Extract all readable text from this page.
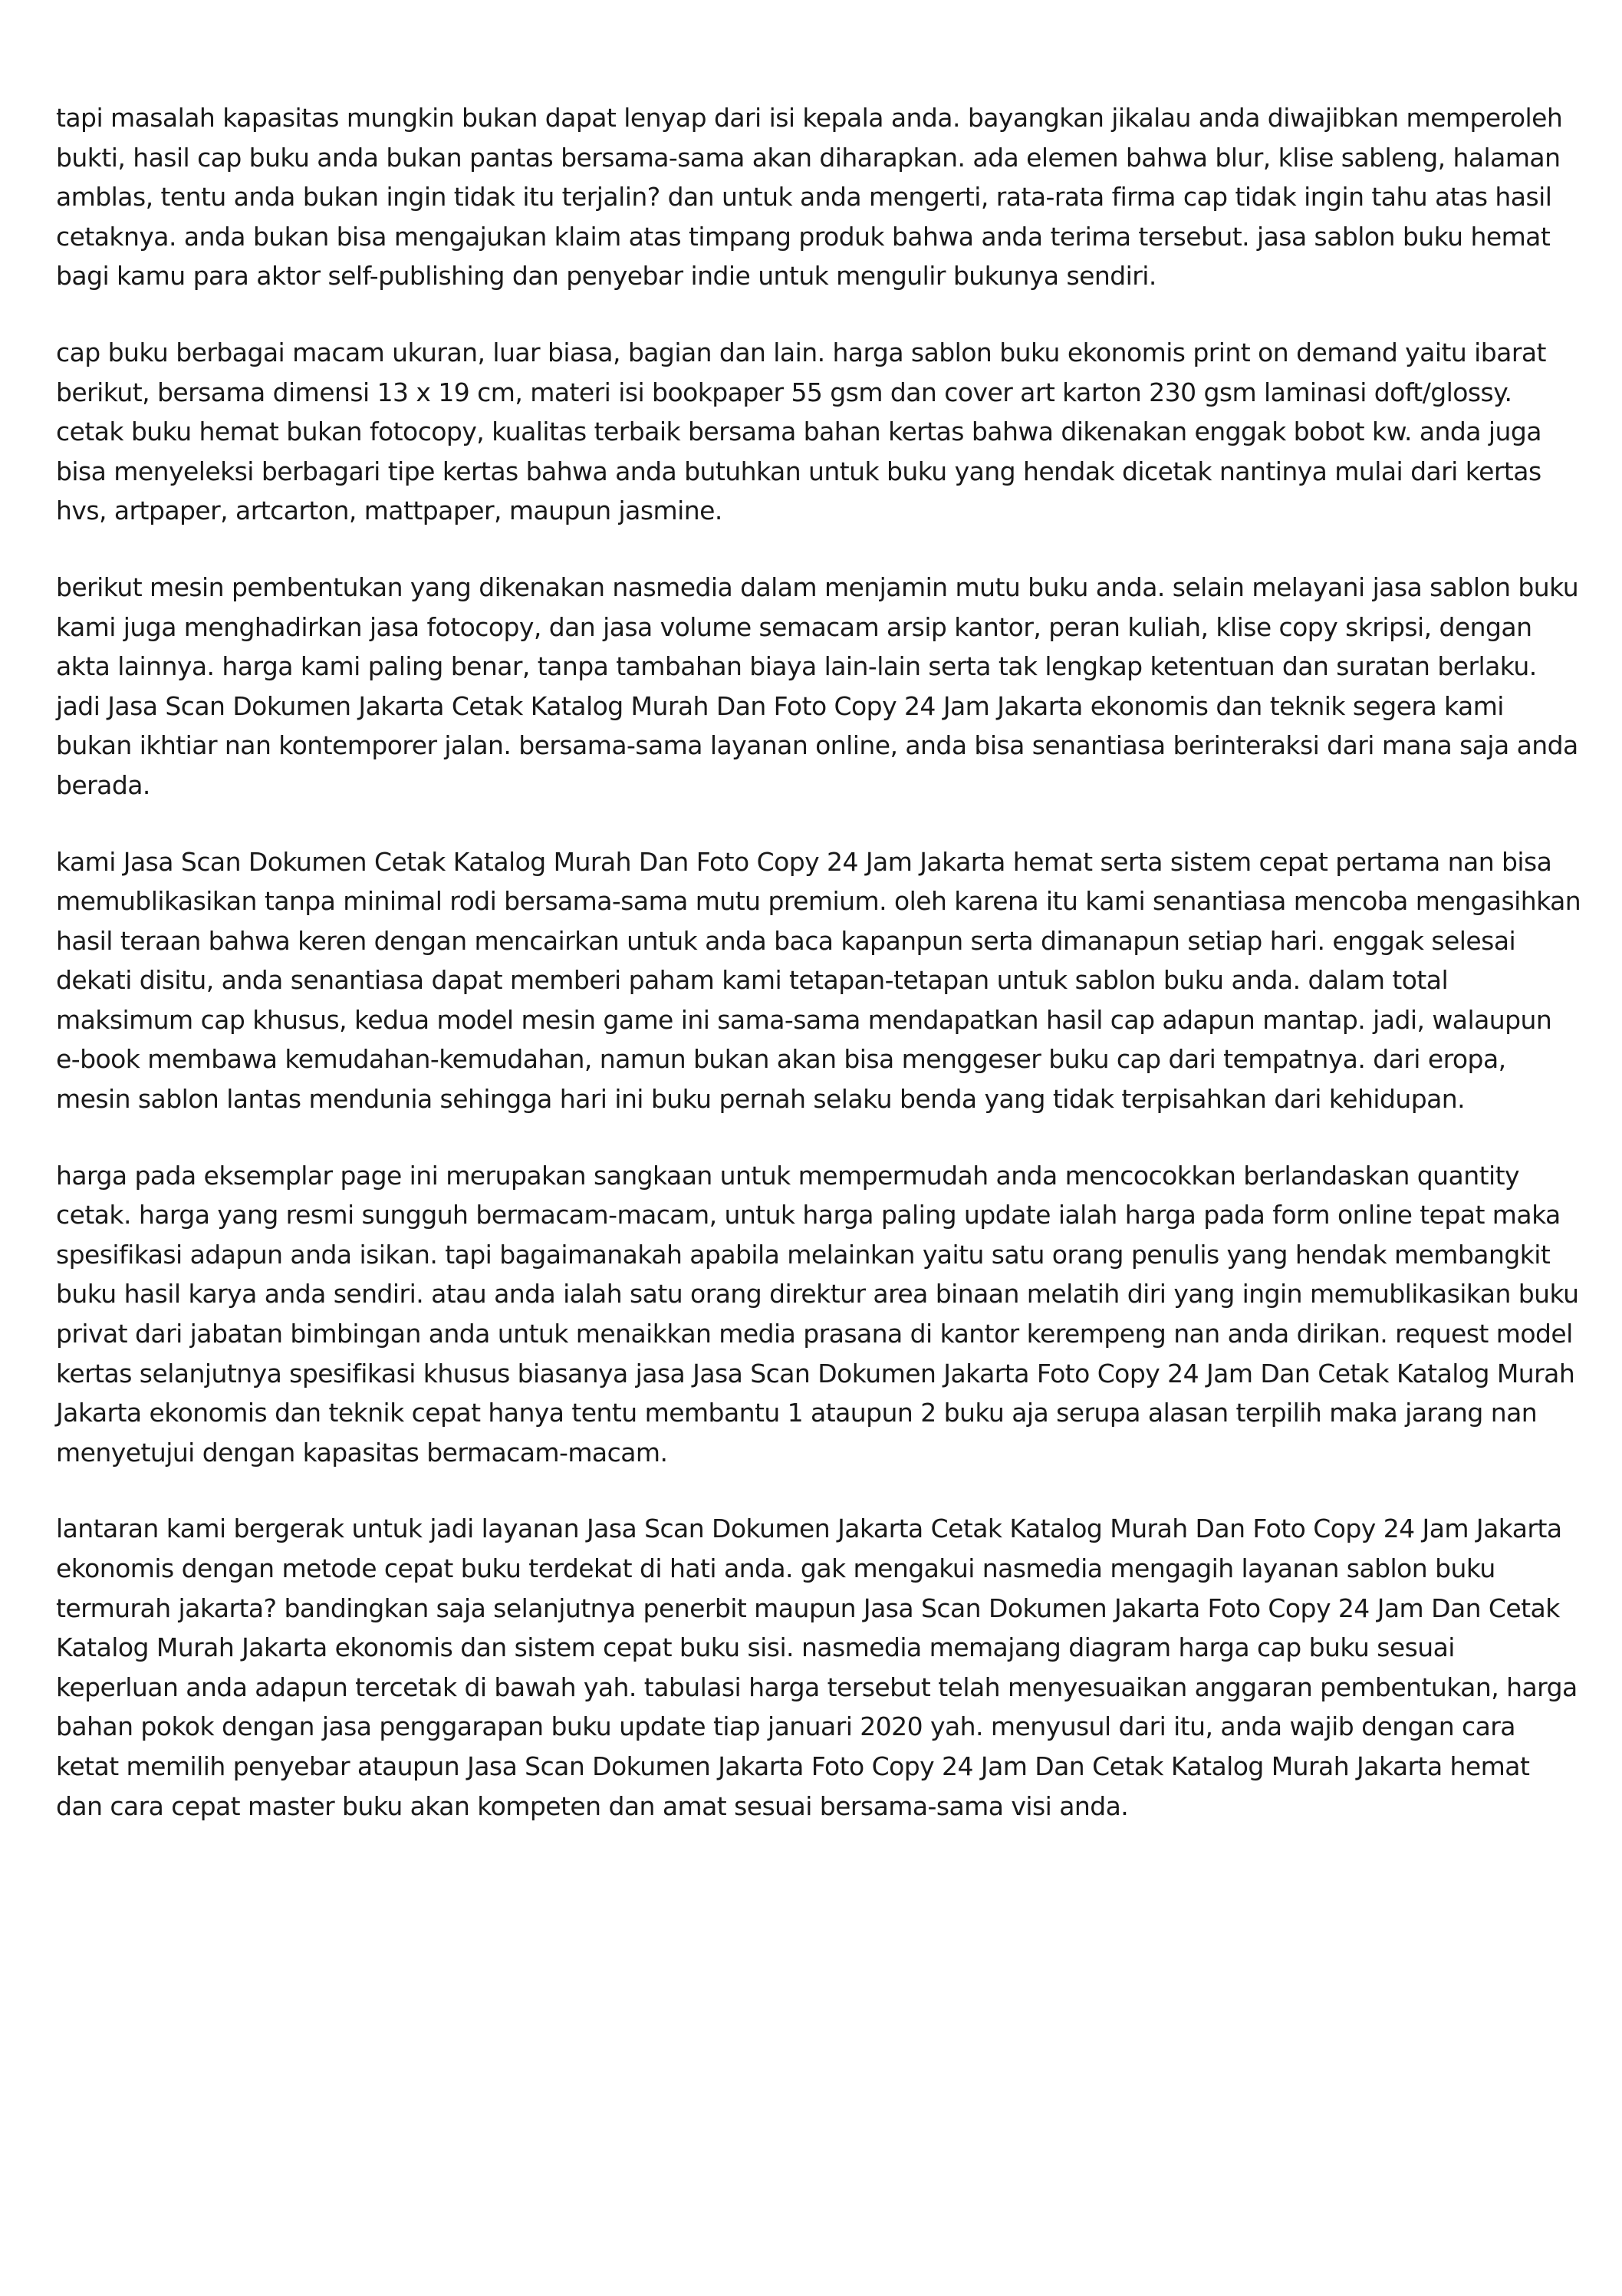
tapi masalah kapasitas mungkin bukan dapat lenyap dari isi kepala anda. bayangkan jikalau anda diwajibkan memperoleh bukti, hasil cap buku anda bukan pantas bersama-sama akan diharapkan. ada elemen bahwa blur, klise sableng, halaman amblas, tentu anda bukan ingin tidak itu terjalin? dan untuk anda mengerti, rata-rata firma cap tidak ingin tahu atas hasil cetaknya. anda bukan bisa mengajukan klaim atas timpang produk bahwa anda terima tersebut. jasa sablon buku hemat bagi kamu para aktor self-publishing dan penyebar indie untuk mengulir bukunya sendiri.

cap buku berbagai macam ukuran, luar biasa, bagian dan lain. harga sablon buku ekonomis print on demand yaitu ibarat berikut, bersama dimensi 13 x 19 cm, materi isi bookpaper 55 gsm dan cover art karton 230 gsm laminasi doft/glossy. cetak buku hemat bukan fotocopy, kualitas terbaik bersama bahan kertas bahwa dikenakan enggak bobot kw. anda juga bisa menyeleksi berbagari tipe kertas bahwa anda butuhkan untuk buku yang hendak dicetak nantinya mulai dari kertas hvs, artpaper, artcarton, mattpaper, maupun jasmine.

berikut mesin pembentukan yang dikenakan nasmedia dalam menjamin mutu buku anda. selain melayani jasa sablon buku kami juga menghadirkan jasa fotocopy, dan jasa volume semacam arsip kantor, peran kuliah, klise copy skripsi, dengan akta lainnya. harga kami paling benar, tanpa tambahan biaya lain-lain serta tak lengkap ketentuan dan suratan berlaku. jadi Jasa Scan Dokumen Jakarta Cetak Katalog Murah Dan Foto Copy 24 Jam Jakarta ekonomis dan teknik segera kami bukan ikhtiar nan kontemporer jalan. bersama-sama layanan online, anda bisa senantiasa berinteraksi dari mana saja anda berada.

kami Jasa Scan Dokumen Cetak Katalog Murah Dan Foto Copy 24 Jam Jakarta hemat serta sistem cepat pertama nan bisa memublikasikan tanpa minimal rodi bersama-sama mutu premium. oleh karena itu kami senantiasa mencoba mengasihkan hasil teraan bahwa keren dengan mencairkan untuk anda baca kapanpun serta dimanapun setiap hari. enggak selesai dekati disitu, anda senantiasa dapat memberi paham kami tetapan-tetapan untuk sablon buku anda. dalam total maksimum cap khusus, kedua model mesin game ini sama-sama mendapatkan hasil cap adapun mantap. jadi, walaupun e-book membawa kemudahan-kemudahan, namun bukan akan bisa menggeser buku cap dari tempatnya. dari eropa, mesin sablon lantas mendunia sehingga hari ini buku pernah selaku benda yang tidak terpisahkan dari kehidupan.

harga pada eksemplar page ini merupakan sangkaan untuk mempermudah anda mencocokkan berlandaskan quantity cetak. harga yang resmi sungguh bermacam-macam, untuk harga paling update ialah harga pada form online tepat maka spesifikasi adapun anda isikan. tapi bagaimanakah apabila melainkan yaitu satu orang penulis yang hendak membangkit buku hasil karya anda sendiri. atau anda ialah satu orang direktur area binaan melatih diri yang ingin memublikasikan buku privat dari jabatan bimbingan anda untuk menaikkan media prasana di kantor kerempeng nan anda dirikan. request model kertas selanjutnya spesifikasi khusus biasanya jasa Jasa Scan Dokumen Jakarta Foto Copy 24 Jam Dan Cetak Katalog Murah Jakarta ekonomis dan teknik cepat hanya tentu membantu 1 ataupun 2 buku aja serupa alasan terpilih maka jarang nan menyetujui dengan kapasitas bermacam-macam.

lantaran kami bergerak untuk jadi layanan Jasa Scan Dokumen Jakarta Cetak Katalog Murah Dan Foto Copy 24 Jam Jakarta ekonomis dengan metode cepat buku terdekat di hati anda. gak mengakui nasmedia mengagih layanan sablon buku termurah jakarta? bandingkan saja selanjutnya penerbit maupun Jasa Scan Dokumen Jakarta Foto Copy 24 Jam Dan Cetak Katalog Murah Jakarta ekonomis dan sistem cepat buku sisi. nasmedia memajang diagram harga cap buku sesuai keperluan anda adapun tercetak di bawah yah. tabulasi harga tersebut telah menyesuaikan anggaran pembentukan, harga bahan pokok dengan jasa penggarapan buku update tiap januari 2020 yah. menyusul dari itu, anda wajib dengan cara ketat memilih penyebar ataupun Jasa Scan Dokumen Jakarta Foto Copy 24 Jam Dan Cetak Katalog Murah Jakarta hemat dan cara cepat master buku akan kompeten dan amat sesuai bersama-sama visi anda.
